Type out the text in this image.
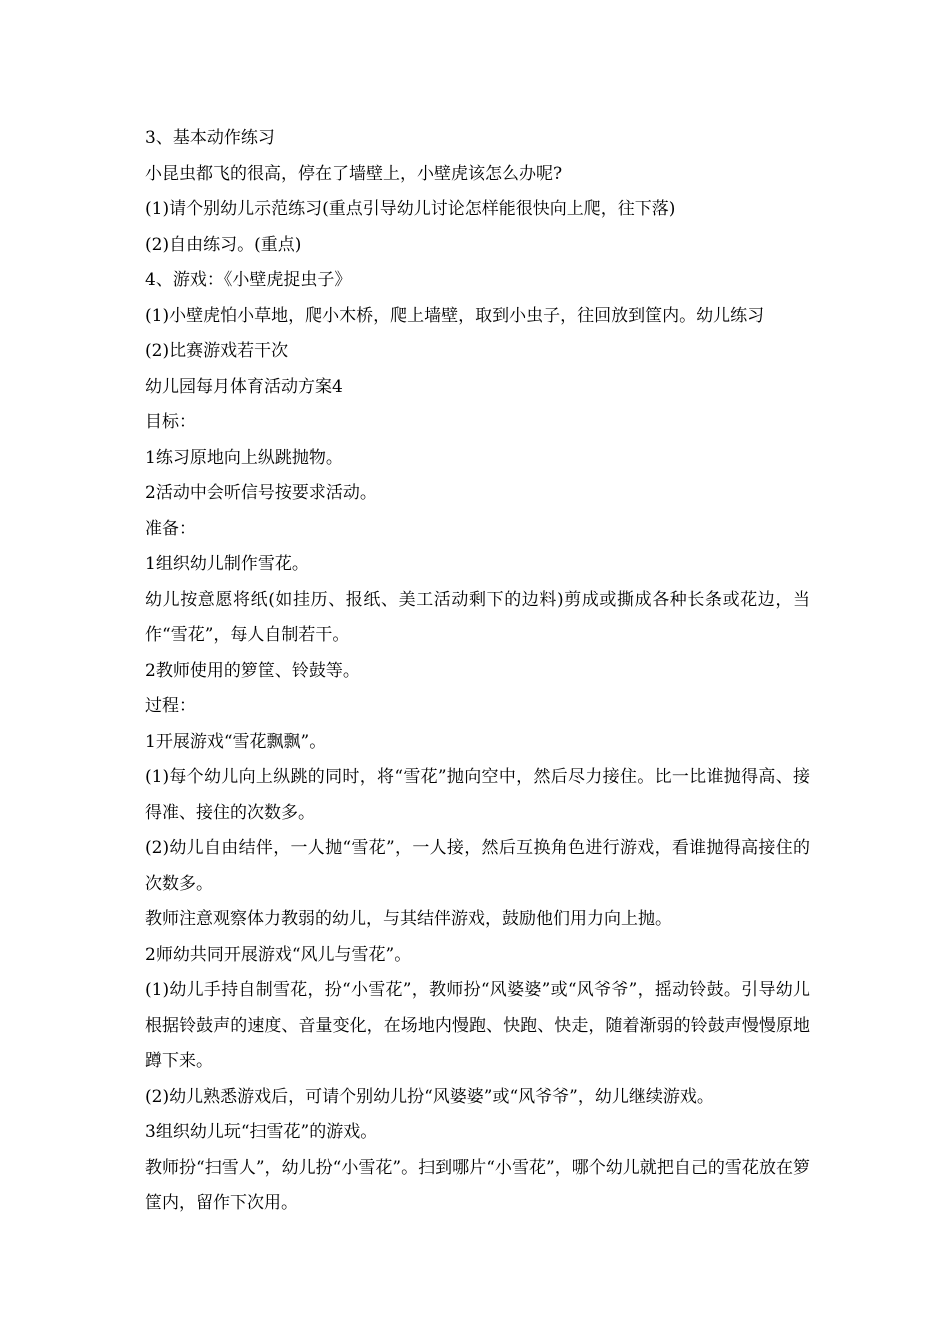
3、基本动作练习

小昆虫都飞的很高，停在了墙壁上，小壁虎该怎么办呢?

(1)请个别幼儿示范练习(重点引导幼儿讨论怎样能很快向上爬，往下落)

(2)自由练习。(重点)

4、游戏：《小壁虎捉虫子》

(1)小壁虎怕小草地，爬小木桥，爬上墙壁，取到小虫子，往回放到筐内。幼儿练习

(2)比赛游戏若干次

幼儿园每月体育活动方案4

目标：

1练习原地向上纵跳抛物。

2活动中会听信号按要求活动。

准备：

1组织幼儿制作雪花。

幼儿按意愿将纸(如挂历、报纸、美工活动剩下的边料)剪成或撕成各种长条或花边，当作“雪花”，每人自制若干。

2教师使用的箩筐、铃鼓等。

过程：

1开展游戏“雪花飘飘”。

(1)每个幼儿向上纵跳的同时，将“雪花”抛向空中，然后尽力接住。比一比谁抛得高、接得准、接住的次数多。

(2)幼儿自由结伴，一人抛“雪花”，一人接，然后互换角色进行游戏，看谁抛得高接住的次数多。

教师注意观察体力教弱的幼儿，与其结伴游戏，鼓励他们用力向上抛。

2师幼共同开展游戏“风儿与雪花”。

(1)幼儿手持自制雪花，扮“小雪花”，教师扮“风婆婆”或“风爷爷”，摇动铃鼓。引导幼儿根据铃鼓声的速度、音量变化，在场地内慢跑、快跑、快走，随着渐弱的铃鼓声慢慢原地蹲下来。

(2)幼儿熟悉游戏后，可请个别幼儿扮“风婆婆”或“风爷爷”，幼儿继续游戏。

3组织幼儿玩“扫雪花”的游戏。

教师扮“扫雪人”，幼儿扮“小雪花”。扫到哪片“小雪花”，哪个幼儿就把自己的雪花放在箩筐内，留作下次用。
